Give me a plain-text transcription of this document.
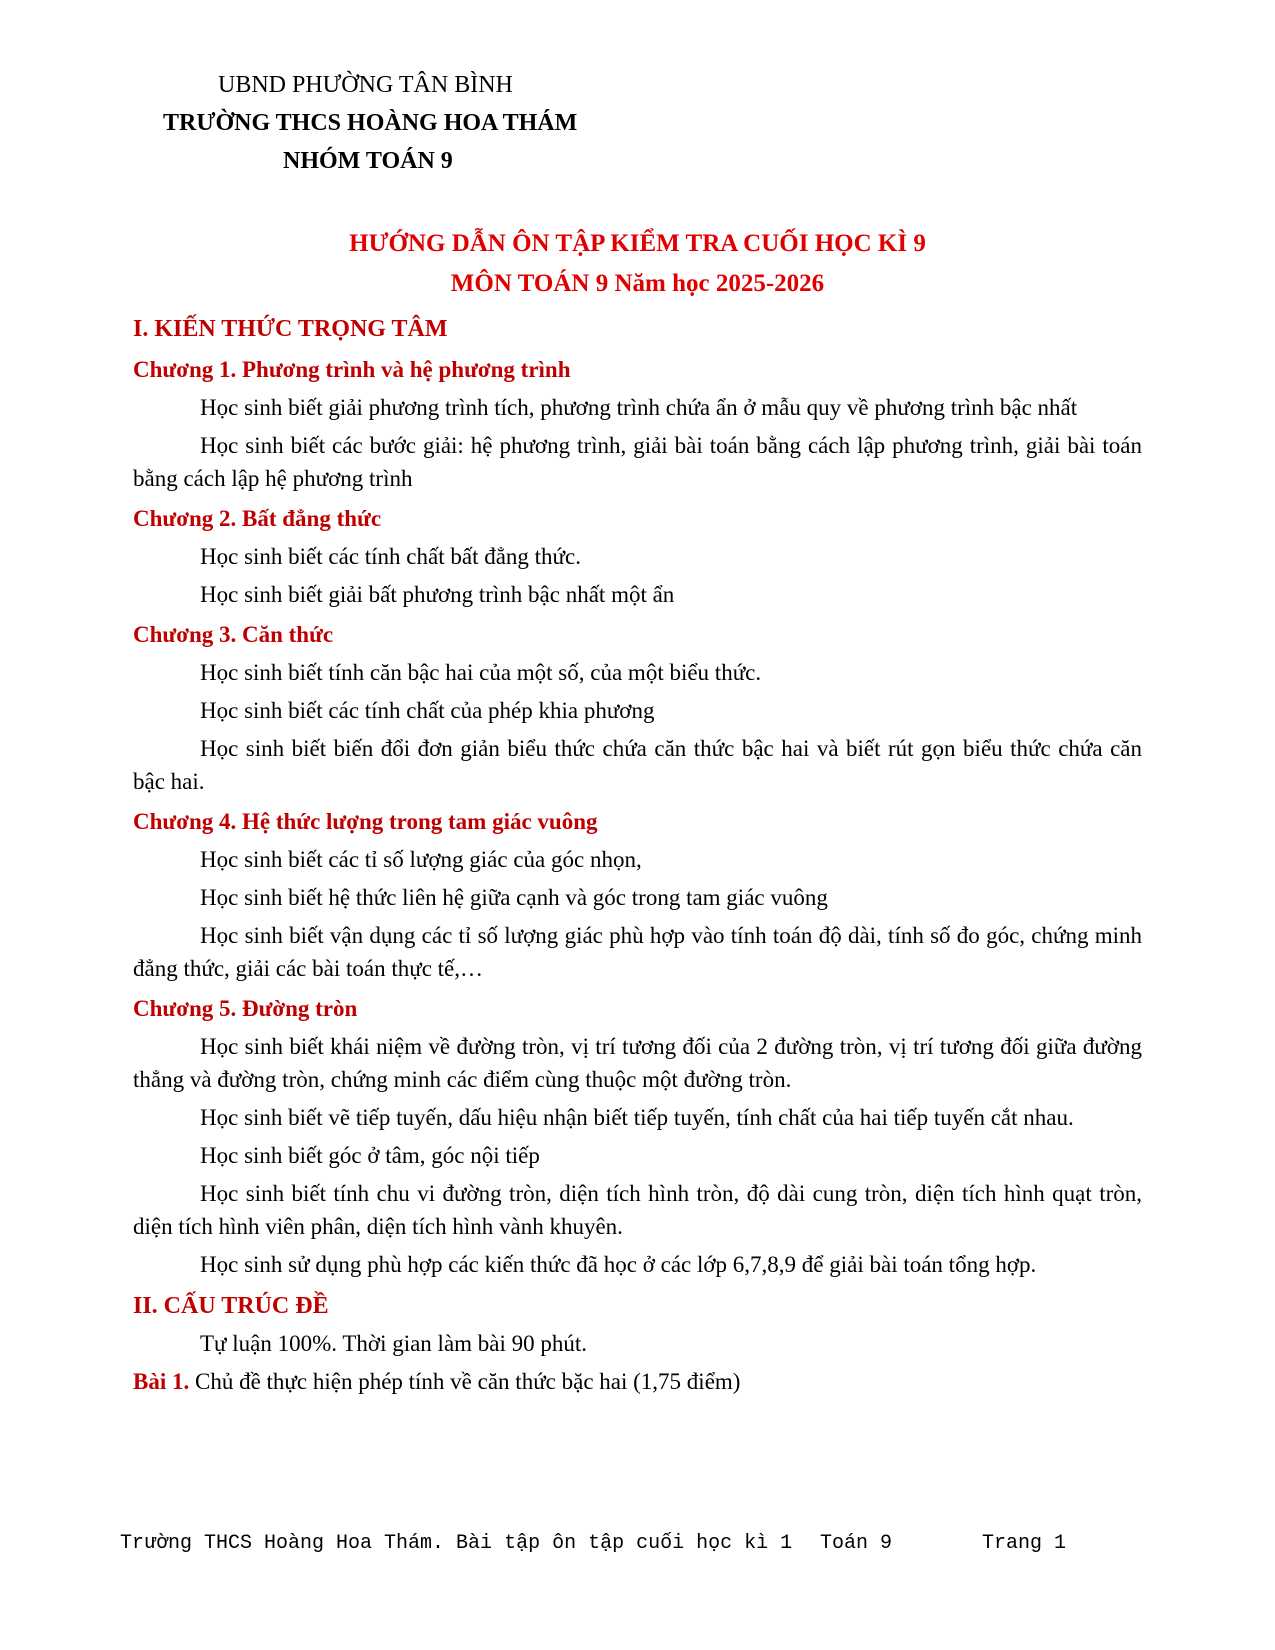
UBND PHƯỜNG TÂN BÌNH
TRƯỜNG THCS HOÀNG HOA THÁM
NHÓM TOÁN 9
HƯỚNG DẪN ÔN TẬP KIỂM TRA CUỐI HỌC KÌ 9
MÔN TOÁN 9 Năm học 2025-2026
I. KIẾN THỨC TRỌNG TÂM
Chương 1. Phương trình và hệ phương trình
Học sinh biết giải phương trình tích, phương trình chứa ẩn ở mẫu quy về phương trình bậc nhất
Học sinh biết các bước giải: hệ phương trình, giải bài toán bằng cách lập phương trình, giải bài toán bằng cách lập hệ phương trình
Chương 2. Bất đẳng thức
Học sinh biết các tính chất bất đẳng thức.
Học sinh biết giải bất phương trình bậc nhất một ẩn
Chương 3. Căn thức
Học sinh biết tính căn bậc hai của một số, của một biểu thức.
Học sinh biết các tính chất của phép khia phương
Học sinh biết biến đổi đơn giản biểu thức chứa căn thức bậc hai và biết rút gọn biểu thức chứa căn bậc hai.
Chương 4. Hệ thức lượng trong tam giác vuông
Học sinh biết các tỉ số lượng giác của góc nhọn,
Học sinh biết hệ thức liên hệ giữa cạnh và góc trong tam giác vuông
Học sinh biết vận dụng các tỉ số lượng giác phù hợp vào tính toán độ dài, tính số đo góc, chứng minh đẳng thức, giải các bài toán thực tế,…
Chương 5. Đường tròn
Học sinh biết khái niệm về đường tròn, vị trí tương đối của 2 đường tròn, vị trí tương đối giữa đường thẳng và đường tròn, chứng minh các điểm cùng thuộc một đường tròn.
Học sinh biết vẽ tiếp tuyến, dấu hiệu nhận biết tiếp tuyến, tính chất của hai tiếp tuyến cắt nhau.
Học sinh biết góc ở tâm, góc nội tiếp
Học sinh biết tính chu vi đường tròn, diện tích hình tròn, độ dài cung tròn, diện tích hình quạt tròn, diện tích hình viên phân, diện tích hình vành khuyên.
Học sinh sử dụng phù hợp các kiến thức đã học ở các lớp 6,7,8,9 để giải bài toán tổng hợp.
II. CẤU TRÚC ĐỀ
Tự luận 100%. Thời gian làm bài 90 phút.
Bài 1. Chủ đề thực hiện phép tính về căn thức bặc hai (1,75 điểm)
Trường THCS Hoàng Hoa Thám. Bài tập ôn tập cuối học kì 1 Toán 9	Trang 1
